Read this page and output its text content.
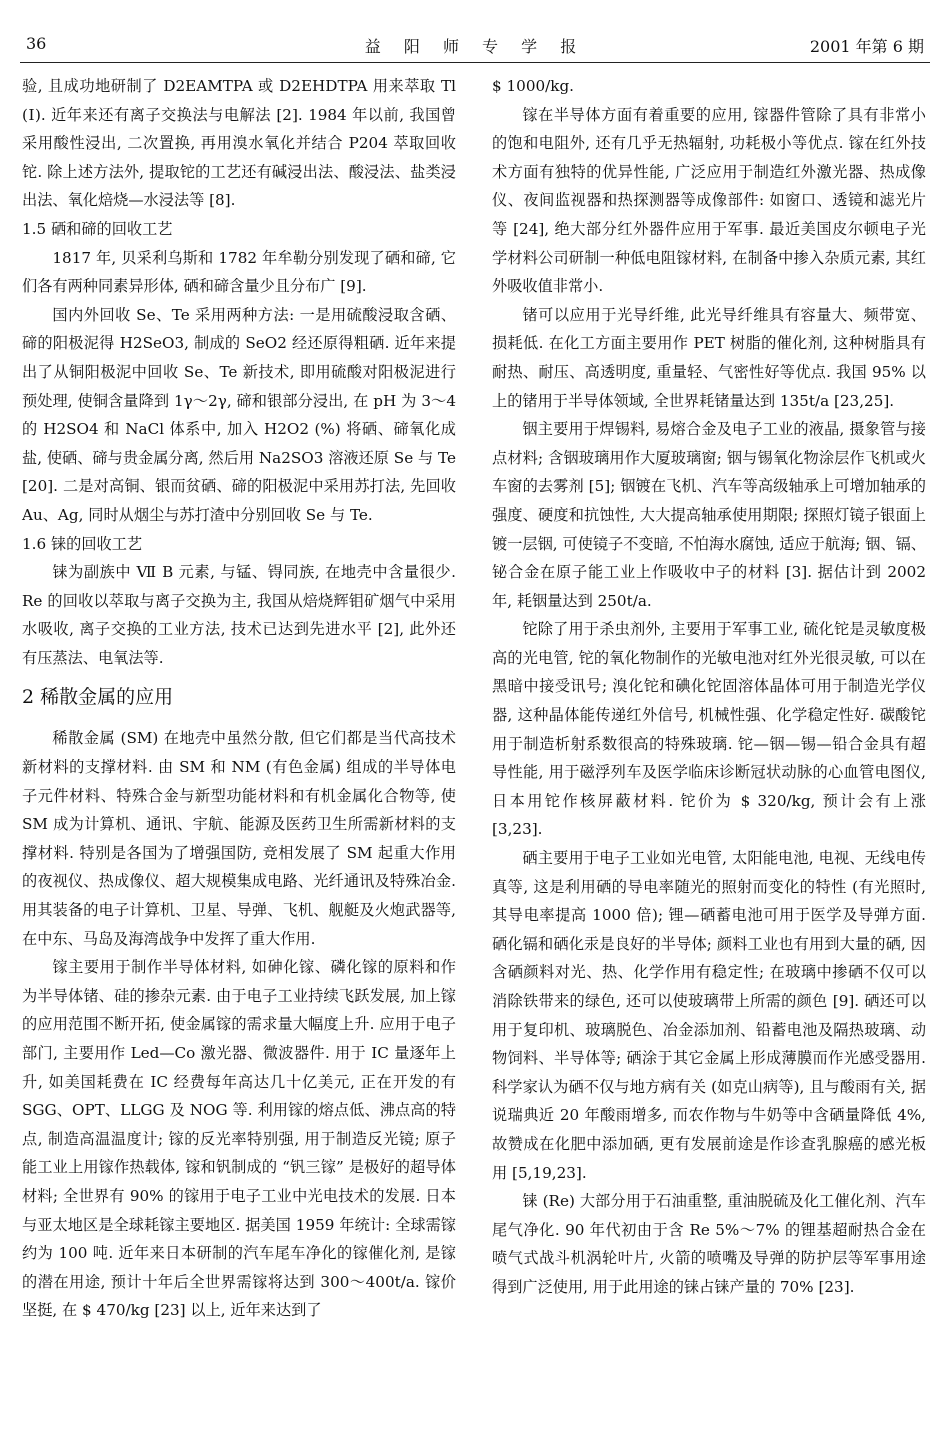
36	益 阳 师 专 学 报	2001 年第 6 期

验, 且成功地研制了 D2EAMTPA 或 D2EHDTPA 用来萃取 Tl (Ⅰ). 近年来还有离子交换法与电解法 [2]. 1984 年以前, 我国曾采用酸性浸出, 二次置换, 再用溴水氧化并结合 P204 萃取回收铊. 除上述方法外, 提取铊的工艺还有碱浸出法、酸浸法、盐类浸出法、氧化焙烧—水浸法等 [8].

1.5 硒和碲的回收工艺

1817 年, 贝采利乌斯和 1782 年牟勒分别发现了硒和碲, 它们各有两种同素异形体, 硒和碲含量少且分布广 [9].

国内外回收 Se、Te 采用两种方法: 一是用硫酸浸取含硒、碲的阳极泥得 H2SeO3, 制成的 SeO2 经还原得粗硒. 近年来提出了从铜阳极泥中回收 Se、Te 新技术, 即用硫酸对阳极泥进行预处理, 使铜含量降到 1γ～2γ, 碲和银部分浸出, 在 pH 为 3～4 的 H2SO4 和 NaCl 体系中, 加入 H2O2 (%) 将硒、碲氧化成盐, 使硒、碲与贵金属分离, 然后用 Na2SO3 溶液还原 Se 与 Te [20]. 二是对高铜、银而贫硒、碲的阳极泥中采用苏打法, 先回收 Au、Ag, 同时从烟尘与苏打渣中分别回收 Se 与 Te.

1.6 铼的回收工艺

铼为副族中 Ⅶ B 元素, 与锰、锝同族, 在地壳中含量很少. Re 的回收以萃取与离子交换为主, 我国从焙烧辉钼矿烟气中采用水吸收, 离子交换的工业方法, 技术已达到先进水平 [2], 此外还有压蒸法、电氧法等.

2 稀散金属的应用

稀散金属 (SM) 在地壳中虽然分散, 但它们都是当代高技术新材料的支撑材料. 由 SM 和 NM (有色金属) 组成的半导体电子元件材料、特殊合金与新型功能材料和有机金属化合物等, 使 SM 成为计算机、通讯、宇航、能源及医药卫生所需新材料的支撑材料. 特别是各国为了增强国防, 竞相发展了 SM 起重大作用的夜视仪、热成像仪、超大规模集成电路、光纤通讯及特殊冶金. 用其装备的电子计算机、卫星、导弹、飞机、舰艇及火炮武器等, 在中东、马岛及海湾战争中发挥了重大作用.

镓主要用于制作半导体材料, 如砷化镓、磷化镓的原料和作为半导体锗、硅的掺杂元素. 由于电子工业持续飞跃发展, 加上镓的应用范围不断开拓, 使金属镓的需求量大幅度上升. 应用于电子部门, 主要用作 Led—Co 激光器、微波器件. 用于 IC 量逐年上升, 如美国耗费在 IC 经费每年高达几十亿美元, 正在开发的有 SGG、OPT、LLGG 及 NOG 等. 利用镓的熔点低、沸点高的特点, 制造高温温度计; 镓的反光率特别强, 用于制造反光镜; 原子能工业上用镓作热载体, 镓和钒制成的 “钒三镓” 是极好的超导体材料; 全世界有 90% 的镓用于电子工业中光电技术的发展. 日本与亚太地区是全球耗镓主要地区. 据美国 1959 年统计: 全球需镓约为 100 吨. 近年来日本研制的汽车尾车净化的镓催化剂, 是镓的潜在用途, 预计十年后全世界需镓将达到 300～400t/a. 镓价坚挺, 在 $ 470/kg [23] 以上, 近年来达到了

$ 1000/kg.

镓在半导体方面有着重要的应用, 镓器件管除了具有非常小的饱和电阻外, 还有几乎无热辐射, 功耗极小等优点. 镓在红外技术方面有独特的优异性能, 广泛应用于制造红外激光器、热成像仪、夜间监视器和热探测器等成像部件: 如窗口、透镜和滤光片等 [24], 绝大部分红外器件应用于军事. 最近美国皮尔顿电子光学材料公司研制一种低电阻镓材料, 在制备中掺入杂质元素, 其红外吸收值非常小.

锗可以应用于光导纤维, 此光导纤维具有容量大、频带宽、损耗低. 在化工方面主要用作 PET 树脂的催化剂, 这种树脂具有耐热、耐压、高透明度, 重量轻、气密性好等优点. 我国 95% 以上的锗用于半导体领域, 全世界耗锗量达到 135t/a [23,25].

铟主要用于焊锡料, 易熔合金及电子工业的液晶, 摄象管与接点材料; 含铟玻璃用作大厦玻璃窗; 铟与锡氧化物涂层作飞机或火车窗的去雾剂 [5]; 铟镀在飞机、汽车等高级轴承上可增加轴承的强度、硬度和抗蚀性, 大大提高轴承使用期限; 探照灯镜子银面上镀一层铟, 可使镜子不变暗, 不怕海水腐蚀, 适应于航海; 铟、镉、铋合金在原子能工业上作吸收中子的材料 [3]. 据估计到 2002 年, 耗铟量达到 250t/a.

铊除了用于杀虫剂外, 主要用于军事工业, 硫化铊是灵敏度极高的光电管, 铊的氧化物制作的光敏电池对红外光很灵敏, 可以在黑暗中接受讯号; 溴化铊和碘化铊固溶体晶体可用于制造光学仪器, 这种晶体能传递红外信号, 机械性强、化学稳定性好. 碳酸铊用于制造析射系数很高的特殊玻璃. 铊—铟—锡—铅合金具有超导性能, 用于磁浮列车及医学临床诊断冠状动脉的心血管电图仪, 日本用铊作核屏蔽材料. 铊价为 $ 320/kg, 预计会有上涨 [3,23].

硒主要用于电子工业如光电管, 太阳能电池, 电视、无线电传真等, 这是利用硒的导电率随光的照射而变化的特性 (有光照时, 其导电率提高 1000 倍); 锂—硒蓄电池可用于医学及导弹方面. 硒化镉和硒化汞是良好的半导体; 颜料工业也有用到大量的硒, 因含硒颜料对光、热、化学作用有稳定性; 在玻璃中掺硒不仅可以消除铁带来的绿色, 还可以使玻璃带上所需的颜色 [9]. 硒还可以用于复印机、玻璃脱色、冶金添加剂、铅蓄电池及隔热玻璃、动物饲料、半导体等; 硒涂于其它金属上形成薄膜而作光感受器用. 科学家认为硒不仅与地方病有关 (如克山病等), 且与酸雨有关, 据说瑞典近 20 年酸雨增多, 而农作物与牛奶等中含硒量降低 4%, 故赞成在化肥中添加硒, 更有发展前途是作诊查乳腺癌的感光板用 [5,19,23].

铼 (Re) 大部分用于石油重整, 重油脱硫及化工催化剂、汽车尾气净化. 90 年代初由于含 Re 5%～7% 的锂基超耐热合金在喷气式战斗机涡轮叶片, 火箭的喷嘴及导弹的防护层等军事用途得到广泛使用, 用于此用途的铼占铼产量的 70% [23].
